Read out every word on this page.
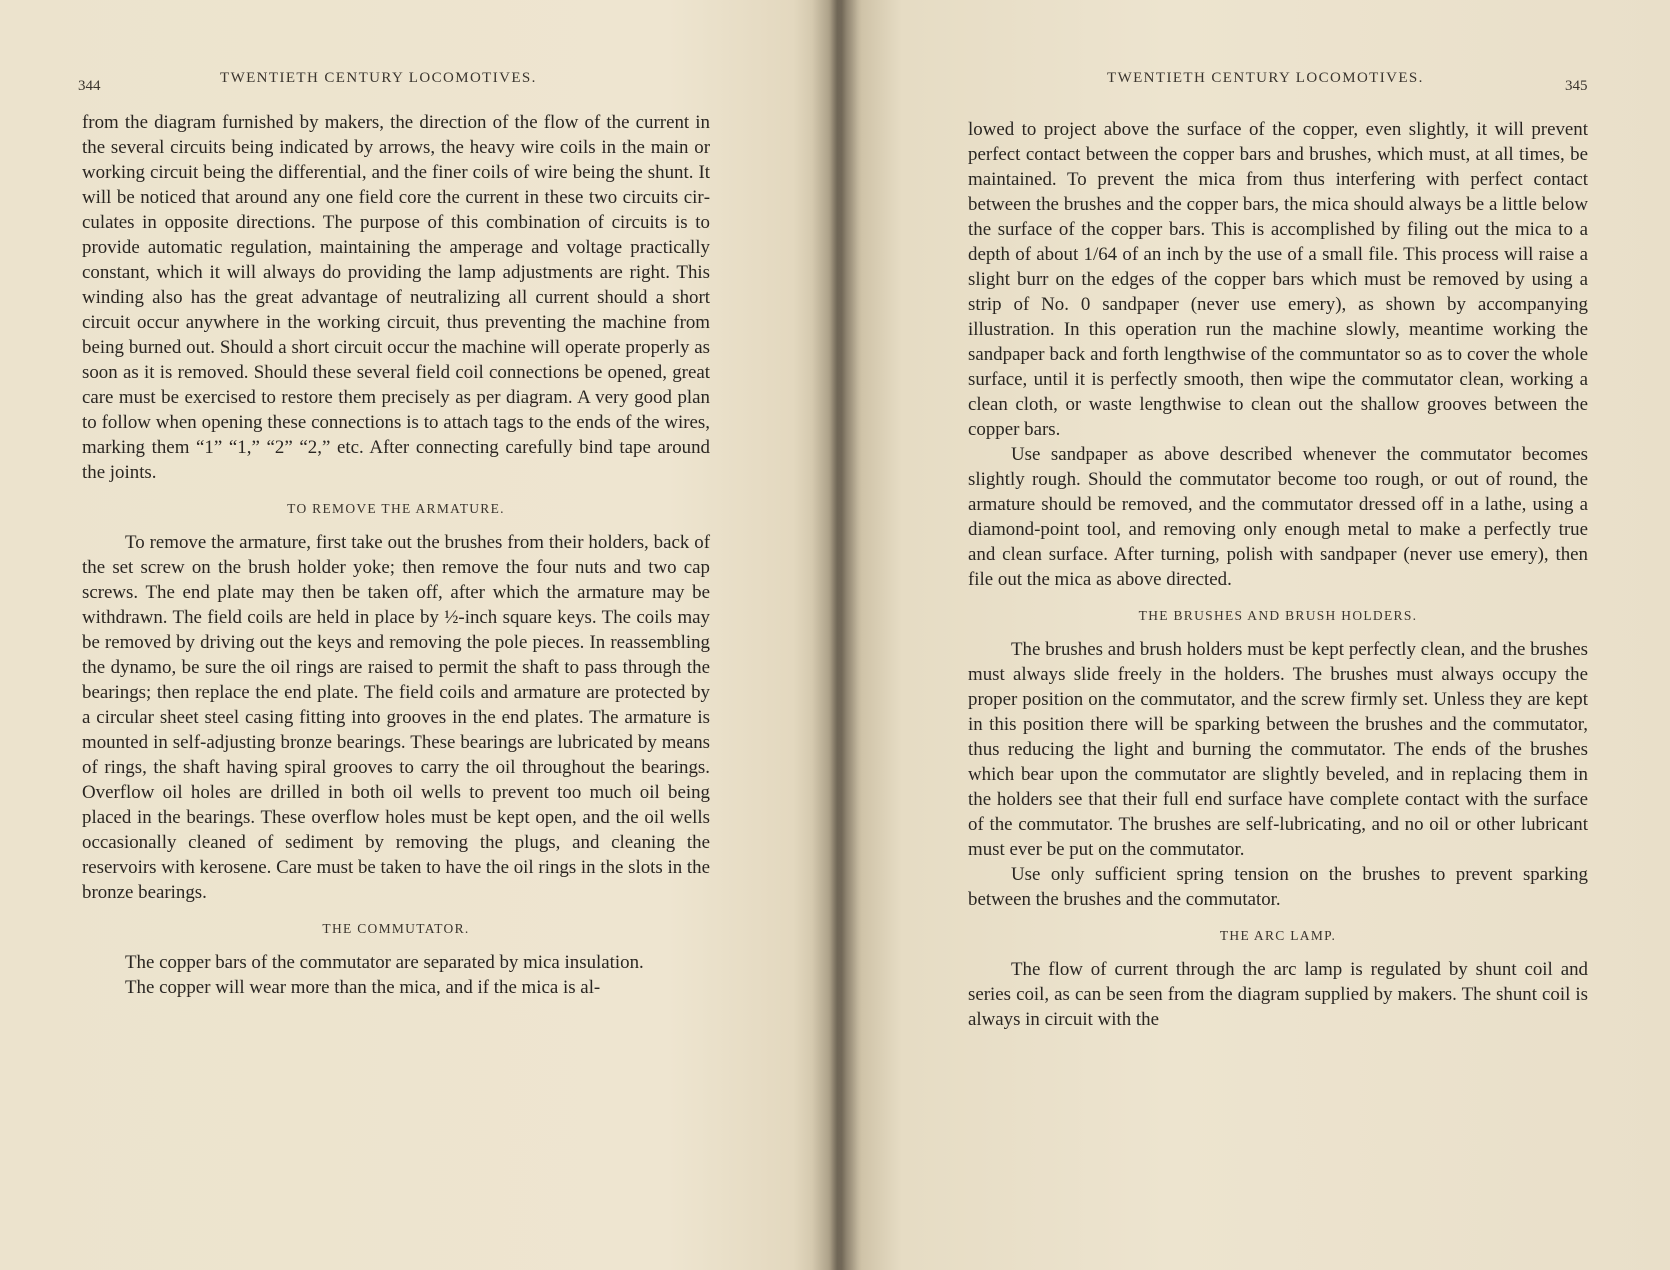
344	TWENTIETH CENTURY LOCOMOTIVES.

from the diagram furnished by makers, the direction of the flow of the current in the several circuits being indicated by arrows, the heavy wire coils in the main or working circuit being the differential, and the finer coils of wire being the shunt. It will be noticed that around any one field core the current in these two circuits circulates in opposite directions. The purpose of this combination of circuits is to provide automatic regulation, maintaining the amperage and voltage practically constant, which it will always do providing the lamp adjustments are right. This winding also has the great advantage of neutralizing all current should a short circuit occur anywhere in the working circuit, thus preventing the machine from being burned out. Should a short circuit occur the machine will operate properly as soon as it is removed. Should these several field coil connections be opened, great care must be exercised to restore them precisely as per diagram. A very good plan to follow when opening these connections is to attach tags to the ends of the wires, marking them “1” “1,” “2” “2,” etc. After connecting carefully bind tape around the joints.

TO REMOVE THE ARMATURE.

To remove the armature, first take out the brushes from their holders, back of the set screw on the brush holder yoke; then remove the four nuts and two cap screws. The end plate may then be taken off, after which the armature may be withdrawn. The field coils are held in place by ½-inch square keys. The coils may be removed by driving out the keys and removing the pole pieces. In reassembling the dynamo, be sure the oil rings are raised to permit the shaft to pass through the bearings; then replace the end plate. The field coils and armature are protected by a circular sheet steel casing fitting into grooves in the end plates. The armature is mounted in self-adjusting bronze bearings. These bearings are lubricated by means of rings, the shaft having spiral grooves to carry the oil throughout the bearings. Overflow oil holes are drilled in both oil wells to prevent too much oil being placed in the bearings. These overflow holes must be kept open, and the oil wells occasionally cleaned of sediment by removing the plugs, and cleaning the reservoirs with kerosene. Care must be taken to have the oil rings in the slots in the bronze bearings.

THE COMMUTATOR.

The copper bars of the commutator are separated by mica insulation.

The copper will wear more than the mica, and if the mica is al-

TWENTIETH CENTURY LOCOMOTIVES.	345

lowed to project above the surface of the copper, even slightly, it will prevent perfect contact between the copper bars and brushes, which must, at all times, be maintained. To prevent the mica from thus interfering with perfect contact between the brushes and the copper bars, the mica should always be a little below the surface of the copper bars. This is accomplished by filing out the mica to a depth of about 1/64 of an inch by the use of a small file. This process will raise a slight burr on the edges of the copper bars which must be removed by using a strip of No. 0 sandpaper (never use emery), as shown by accompanying illustration. In this operation run the machine slowly, meantime working the sandpaper back and forth lengthwise of the communtator so as to cover the whole surface, until it is perfectly smooth, then wipe the commutator clean, working a clean cloth, or waste lengthwise to clean out the shallow grooves between the copper bars.

Use sandpaper as above described whenever the commutator becomes slightly rough. Should the commutator become too rough, or out of round, the armature should be removed, and the commutator dressed off in a lathe, using a diamond-point tool, and removing only enough metal to make a perfectly true and clean surface. After turning, polish with sandpaper (never use emery), then file out the mica as above directed.

THE BRUSHES AND BRUSH HOLDERS.

The brushes and brush holders must be kept perfectly clean, and the brushes must always slide freely in the holders. The brushes must always occupy the proper position on the commutator, and the screw firmly set. Unless they are kept in this position there will be sparking between the brushes and the commutator, thus reducing the light and burning the commutator. The ends of the brushes which bear upon the commutator are slightly beveled, and in replacing them in the holders see that their full end surface have complete contact with the surface of the commutator. The brushes are self-lubricating, and no oil or other lubricant must ever be put on the commutator.

Use only sufficient spring tension on the brushes to prevent sparking between the brushes and the commutator.

THE ARC LAMP.

The flow of current through the arc lamp is regulated by shunt coil and series coil, as can be seen from the diagram supplied by makers. The shunt coil is always in circuit with the
